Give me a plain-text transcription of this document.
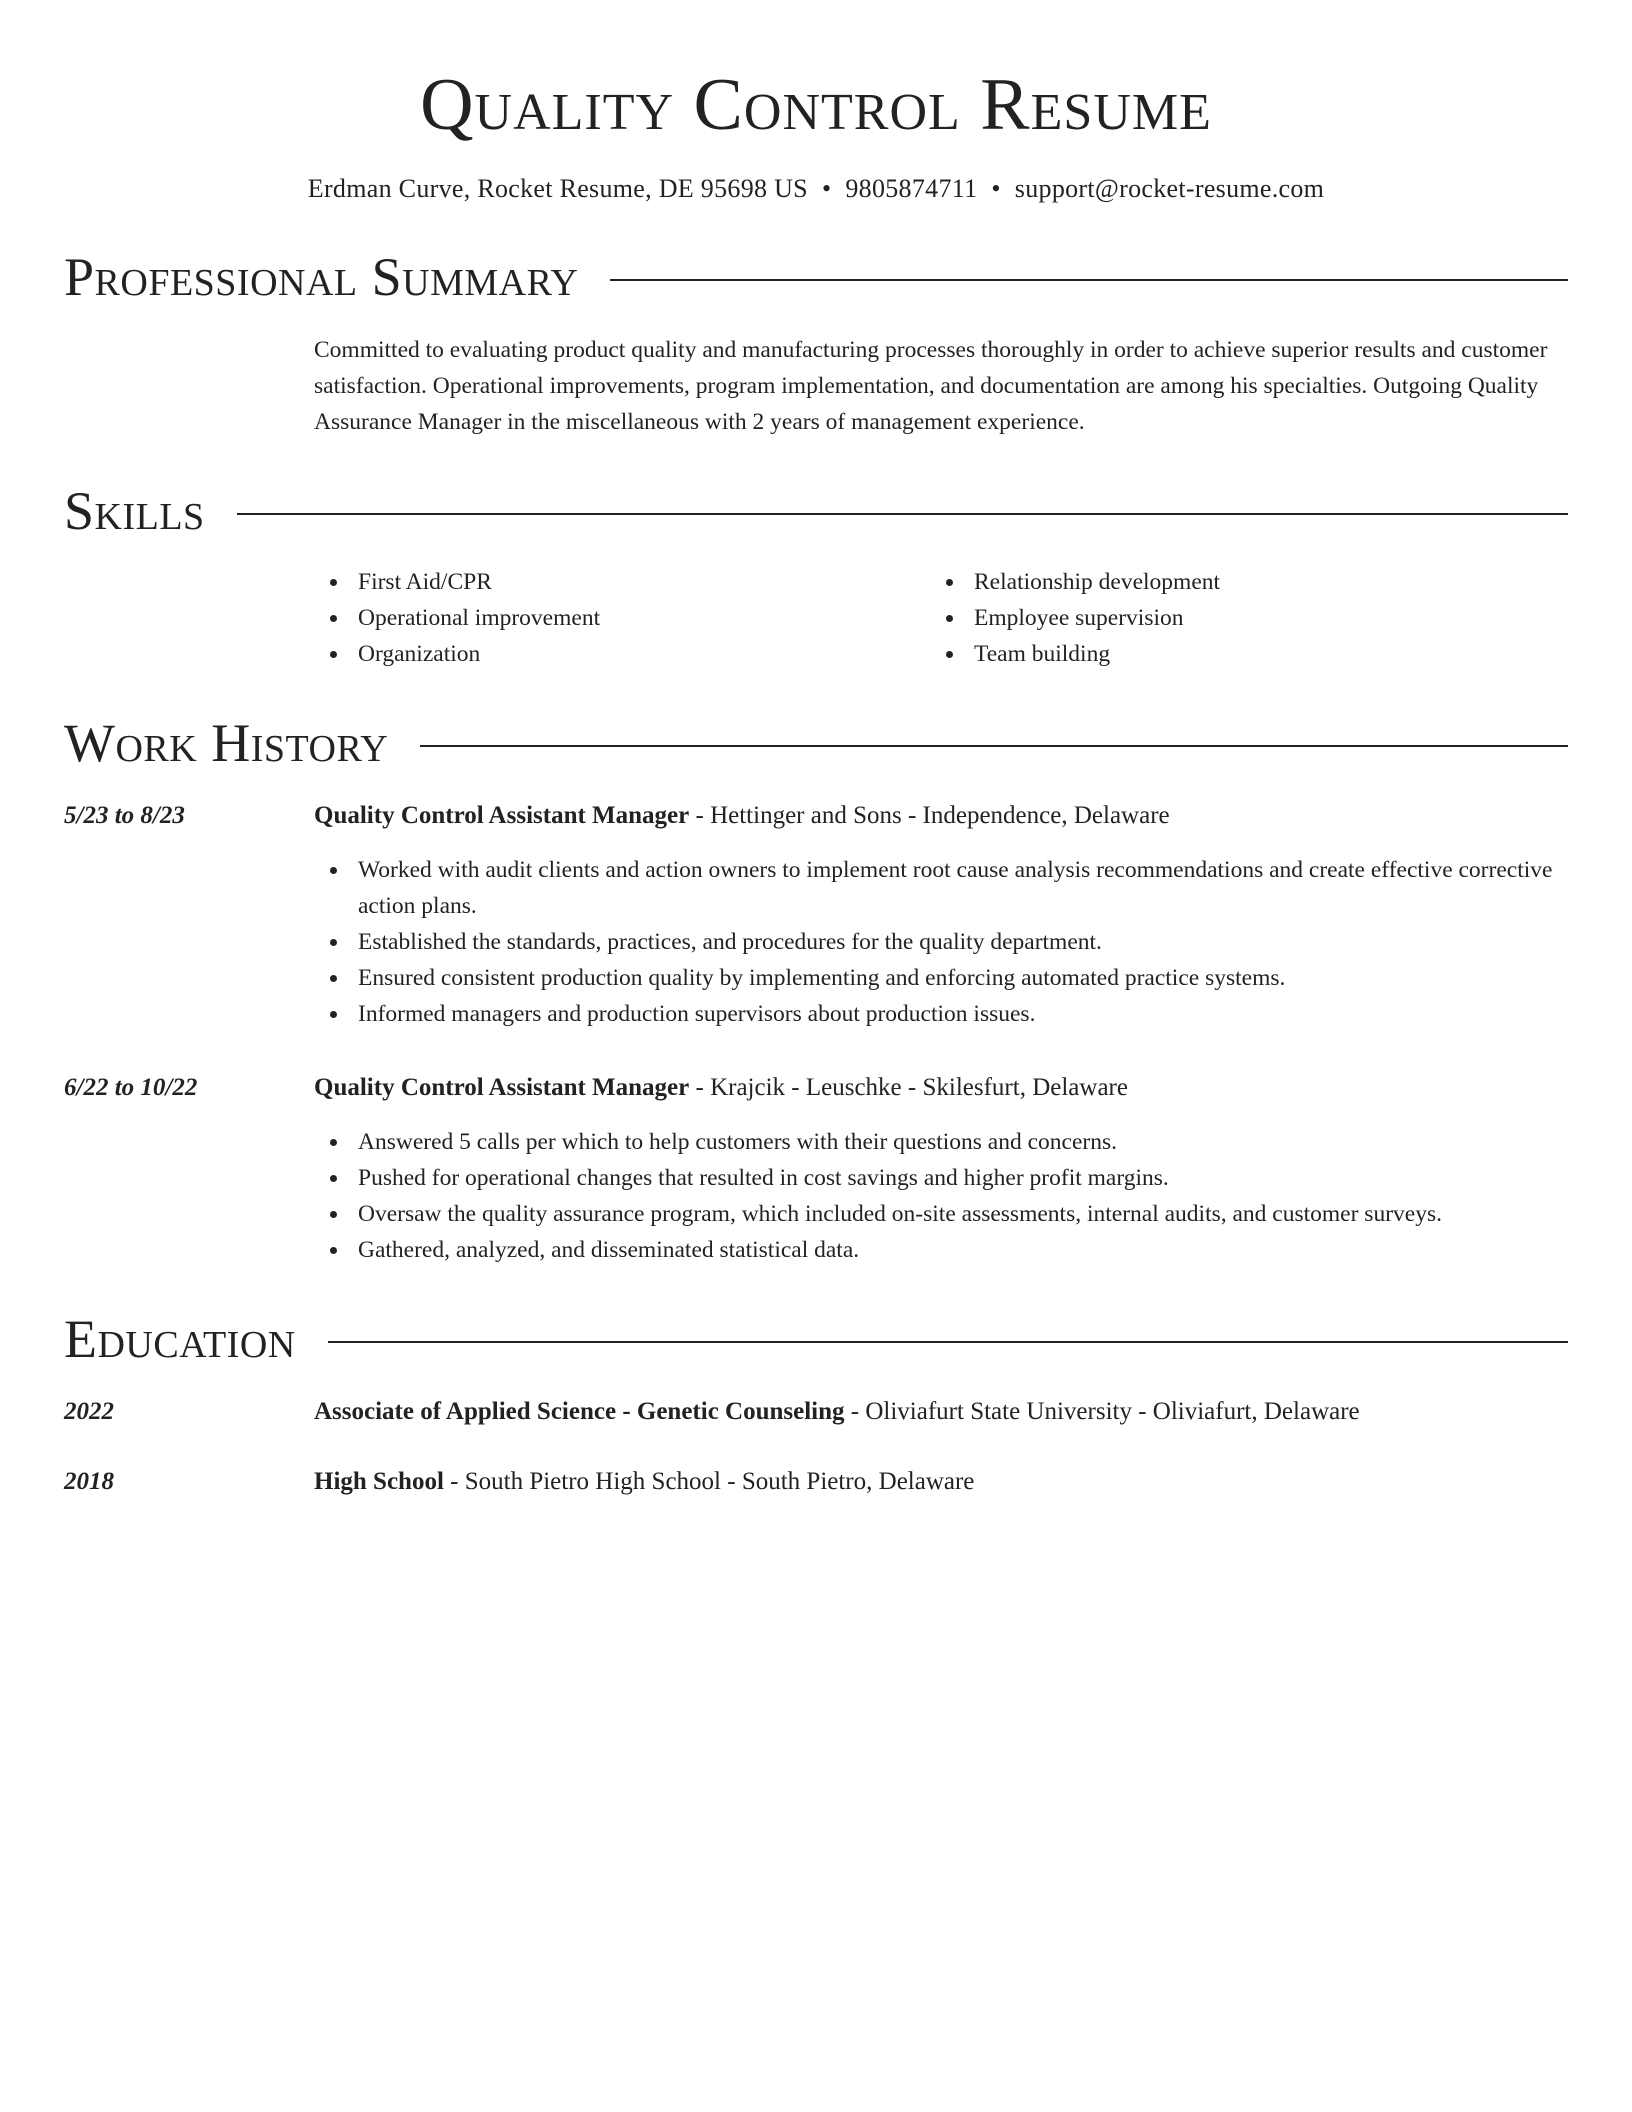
Quality Control Resume
Erdman Curve, Rocket Resume, DE 95698 US • 9805874711 • support@rocket-resume.com
Professional Summary
Committed to evaluating product quality and manufacturing processes thoroughly in order to achieve superior results and customer satisfaction. Operational improvements, program implementation, and documentation are among his specialties. Outgoing Quality Assurance Manager in the miscellaneous with 2 years of management experience.
Skills
First Aid/CPR
Operational improvement
Organization
Relationship development
Employee supervision
Team building
Work History
5/23 to 8/23	Quality Control Assistant Manager - Hettinger and Sons - Independence, Delaware
Worked with audit clients and action owners to implement root cause analysis recommendations and create effective corrective action plans.
Established the standards, practices, and procedures for the quality department.
Ensured consistent production quality by implementing and enforcing automated practice systems.
Informed managers and production supervisors about production issues.
6/22 to 10/22	Quality Control Assistant Manager - Krajcik - Leuschke - Skilesfurt, Delaware
Answered 5 calls per which to help customers with their questions and concerns.
Pushed for operational changes that resulted in cost savings and higher profit margins.
Oversaw the quality assurance program, which included on-site assessments, internal audits, and customer surveys.
Gathered, analyzed, and disseminated statistical data.
Education
2022	Associate of Applied Science - Genetic Counseling - Oliviafurt State University - Oliviafurt, Delaware
2018	High School - South Pietro High School - South Pietro, Delaware
